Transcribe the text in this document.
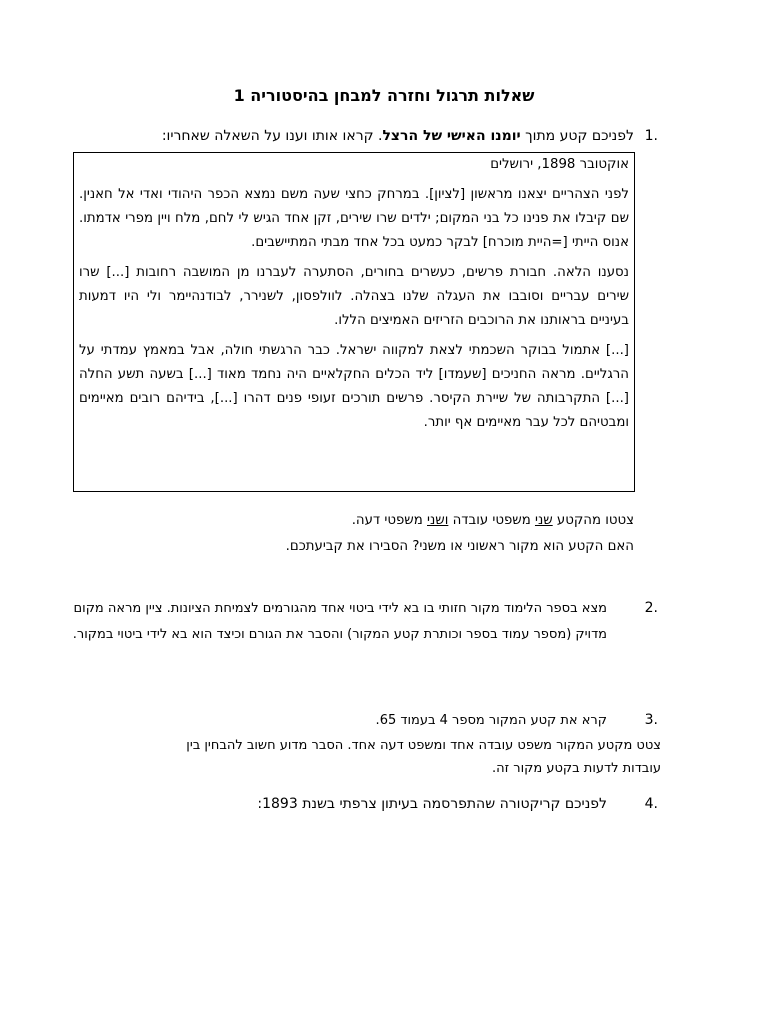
שאלות תרגול וחזרה למבחן בהיסטוריה 1
1.
לפניכם קטע מתוך יומנו האישי של הרצל. קראו אותו וענו על השאלה שאחריו:

אוקטובר 1898, ירושלים

לפני הצהריים יצאנו מראשון [לציון]. במרחק כחצי שעה משם נמצא הכפר היהודי ואדי אל חאנין. שם קיבלו את פנינו כל בני המקום; ילדים שרו שירים, זקן אחד הגיש לי לחם, מלח ויין מפרי אדמתו. אנוס הייתי [=היית מוכרח] לבקר כמעט בכל אחד מבתי המתיישבים.

נסענו הלאה. חבורת פרשים, כעשרים בחורים, הסתערה לעברנו מן המושבה רחובות [...] שרו שירים עבריים וסובבו את העגלה שלנו בצהלה. לוולפסון, לשנירר, לבודנהיימר ולי היו דמעות בעיניים בראותנו את הרוכבים הזריזים האמיצים הללו.

[...] אתמול בבוקר השכמתי לצאת למקווה ישראל. כבר הרגשתי חולה, אבל במאמץ עמדתי על הרגליים. מראה החניכים [שעמדו] ליד הכלים החקלאיים היה נחמד מאוד [...] בשעה תשע החלה [...] התקרבותה של שיירת הקיסר. פרשים תורכים זעופי פנים דהרו [...], בידיהם רובים מאיימים ומבטיהם לכל עבר מאיימים אף יותר.

צטטו מהקטע שני משפטי עובדה ושני משפטי דעה.
האם הקטע הוא מקור ראשוני או משני? הסבירו את קביעתכם.
2.
מצא בספר הלימוד מקור חזותי בו בא לידי ביטוי אחד מהגורמים לצמיחת הציונות. ציין מראה מקום מדויק (מספר עמוד בספר וכותרת קטע המקור) והסבר את הגורם וכיצד הוא בא לידי ביטוי במקור.
3.
קרא את קטע המקור מספר 4 בעמוד 65.
צטט מקטע המקור משפט עובדה אחד ומשפט דעה אחד. הסבר מדוע חשוב להבחין בין
עובדות לדעות בקטע מקור זה.
4.
לפניכם קריקטורה שהתפרסמה בעיתון צרפתי בשנת 1893:
